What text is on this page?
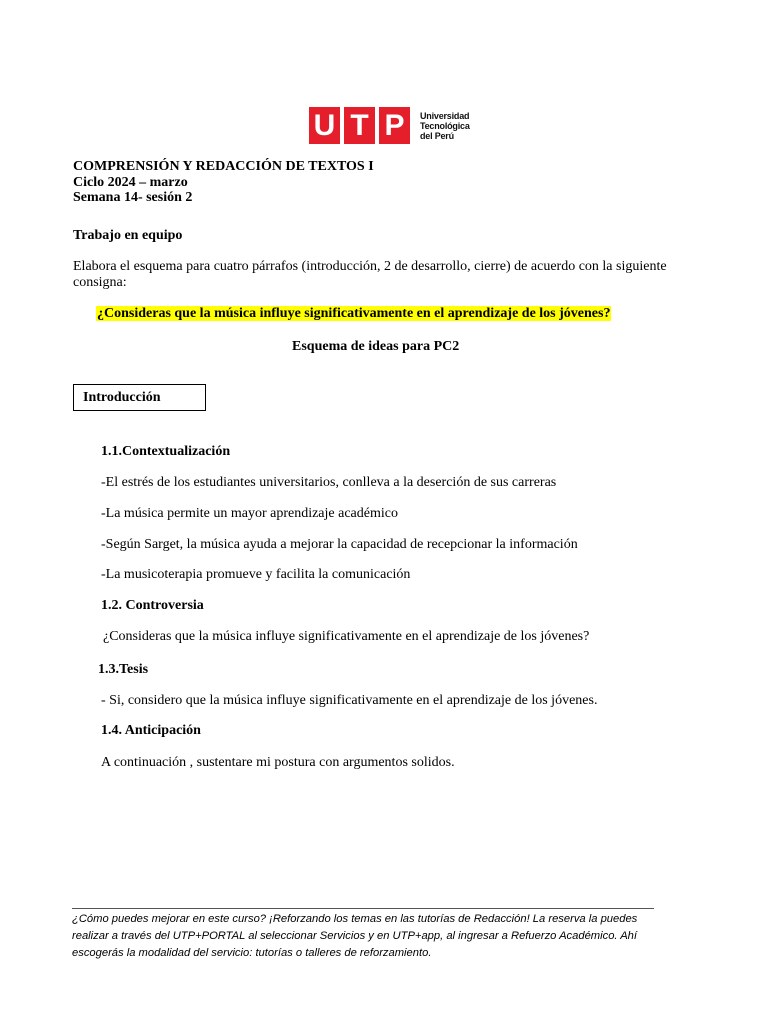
U T P	Universidad
Tecnológica
del Perú
COMPRENSIÓN Y REDACCIÓN DE TEXTOS I
Ciclo 2024 – marzo
Semana 14- sesión 2
Trabajo en equipo
Elabora el esquema para cuatro párrafos (introducción, 2 de desarrollo, cierre) de acuerdo con la siguiente
consigna:
¿Consideras que la música influye significativamente en el aprendizaje de los jóvenes?
Esquema de ideas para PC2
Introducción
1.1.Contextualización
-El estrés de los estudiantes universitarios, conlleva a la deserción de sus carreras
-La música permite un mayor aprendizaje académico
-Según Sarget, la música ayuda a mejorar la capacidad de recepcionar la información
-La musicoterapia promueve y facilita la comunicación
1.2. Controversia
¿Consideras que la música influye significativamente en el aprendizaje de los jóvenes?
1.3.Tesis
- Si, considero que la música influye significativamente en el aprendizaje de los jóvenes.
1.4. Anticipación
A continuación , sustentare mi postura con argumentos solidos.
¿Cómo puedes mejorar en este curso? ¡Reforzando los temas en las tutorías de Redacción! La reserva la puedes realizar a través del UTP+PORTAL al seleccionar Servicios y en UTP+app, al ingresar a Refuerzo Académico. Ahí escogerás la modalidad del servicio: tutorías o talleres de reforzamiento.
